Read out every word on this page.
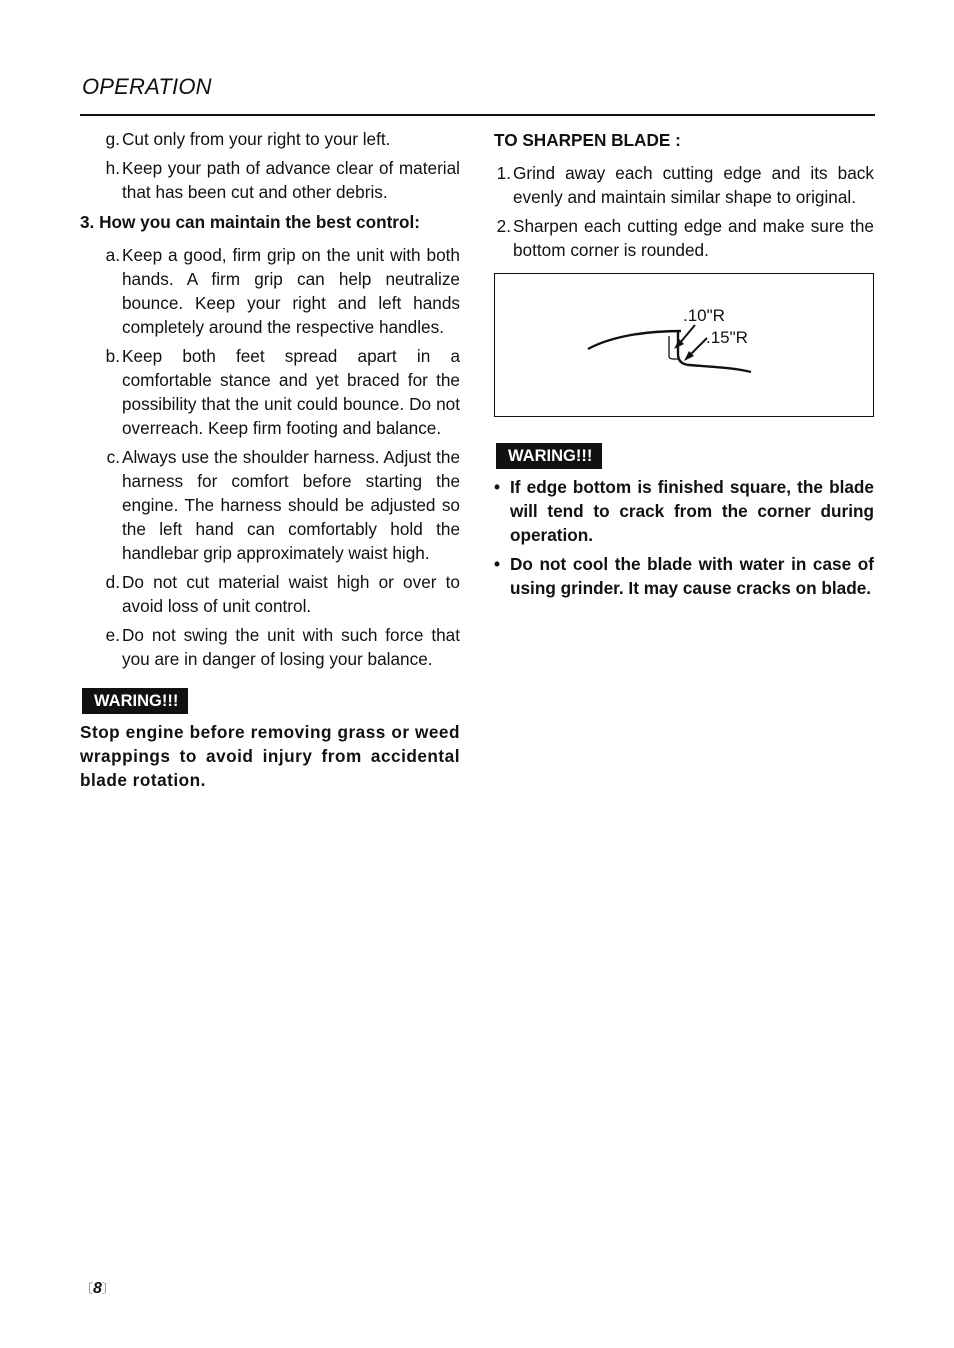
OPERATION
g. Cut only from your right to your left.
h. Keep your path of advance clear of material that has been cut and other debris.
3. How you can maintain the best control:
a. Keep a good, firm grip on the unit with both hands. A firm grip can help neutralize bounce. Keep your right and left hands completely around the respective handles.
b. Keep both feet spread apart in a comfortable stance and yet braced for the possibility that the unit could bounce. Do not overreach. Keep firm footing and balance.
c. Always use the shoulder harness. Adjust the harness for comfort before starting the engine. The harness should be adjusted so the left hand can comfortably hold the handlebar grip approximately waist high.
d. Do not cut material waist high or over to avoid loss of unit control.
e. Do not swing the unit with such force that you are in danger of losing your balance.
WARING!!!
Stop engine before removing grass or weed wrappings to avoid injury from accidental blade rotation.
TO SHARPEN BLADE :
1. Grind away each cutting edge and its back evenly and maintain similar shape to original.
2. Sharpen each cutting edge and make sure the bottom corner is rounded.
.10"R
.15"R
WARING!!!
• If edge bottom is finished square, the blade will tend to crack from the corner during operation.
• Do not cool the blade with water in case of using grinder. It may cause cracks on blade.
〔8〕
